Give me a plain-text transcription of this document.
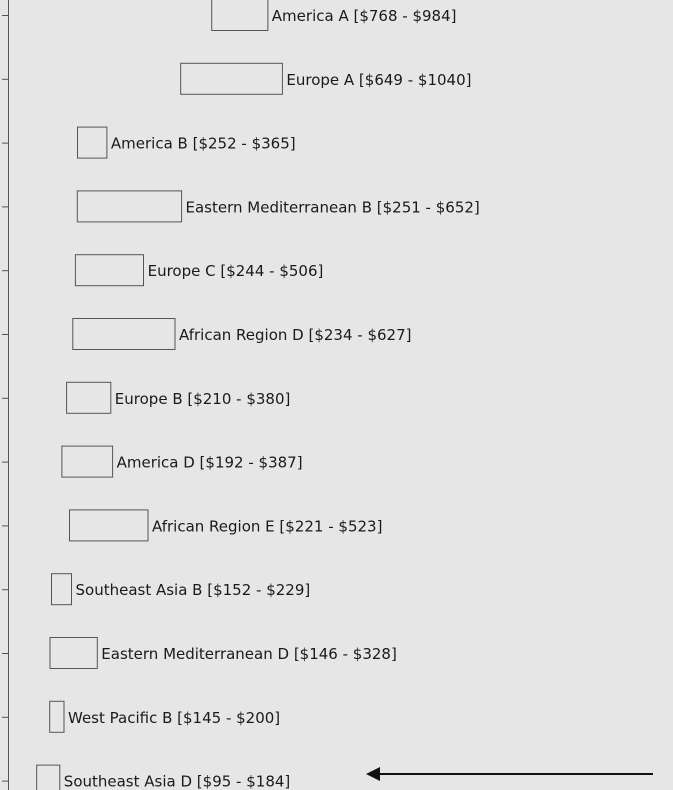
America A [$768 - $984]
Europe A [$649 - $1040]
America B [$252 - $365]
Eastern Mediterranean B [$251 - $652]
Europe C [$244 - $506]
African Region D [$234 - $627]
Europe B [$210 - $380]
America D [$192 - $387]
African Region E [$221 - $523]
Southeast Asia B [$152 - $229]
Eastern Mediterranean D [$146 - $328]
West Pacific B [$145 - $200]
Southeast Asia D [$95 - $184]
